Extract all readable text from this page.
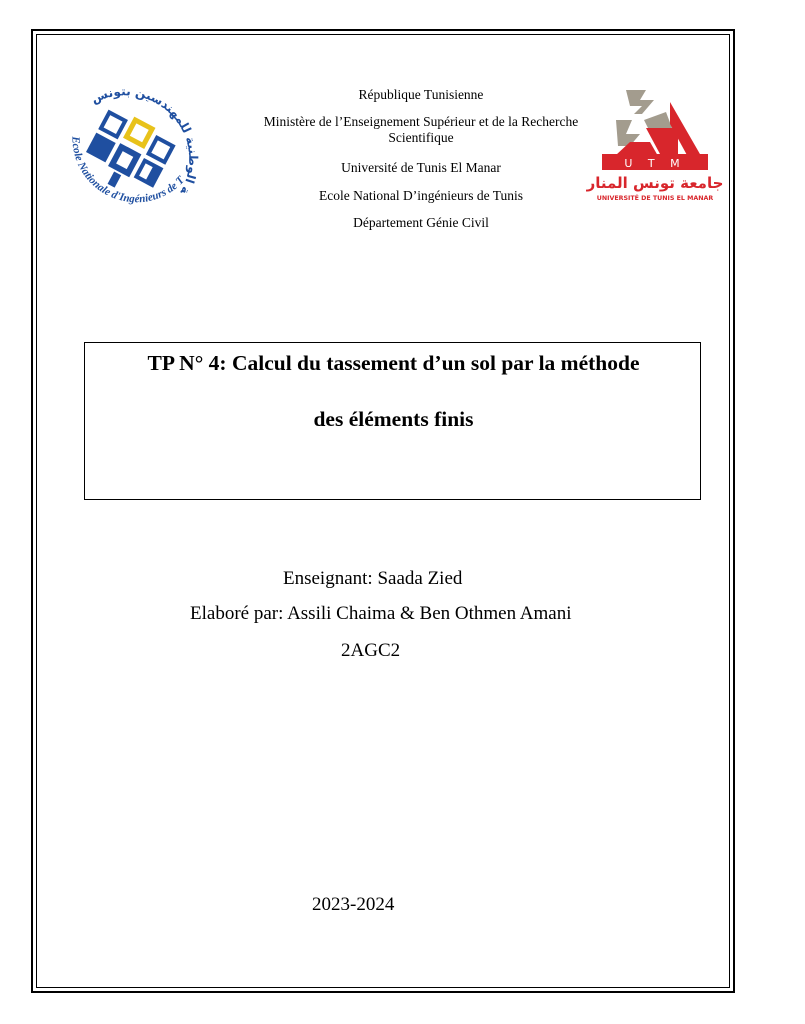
المدرسة الوطنية للمهندسين بتونس
Ecole Nationale d'Ingénieurs de Tunis
République Tunisienne
Ministère de l’Enseignement Supérieur et de la Recherche Scientifique
Université de Tunis El Manar
Ecole National D’ingénieurs de Tunis
Département Génie Civil
U T M
جامعة تونس المنار
UNIVERSITÉ DE TUNIS EL MANAR
TP N° 4: Calcul du tassement d’un sol par la méthode
des éléments finis
Enseignant: Saada Zied
Elaboré par: Assili Chaima & Ben Othmen Amani
2AGC2
2023-2024
